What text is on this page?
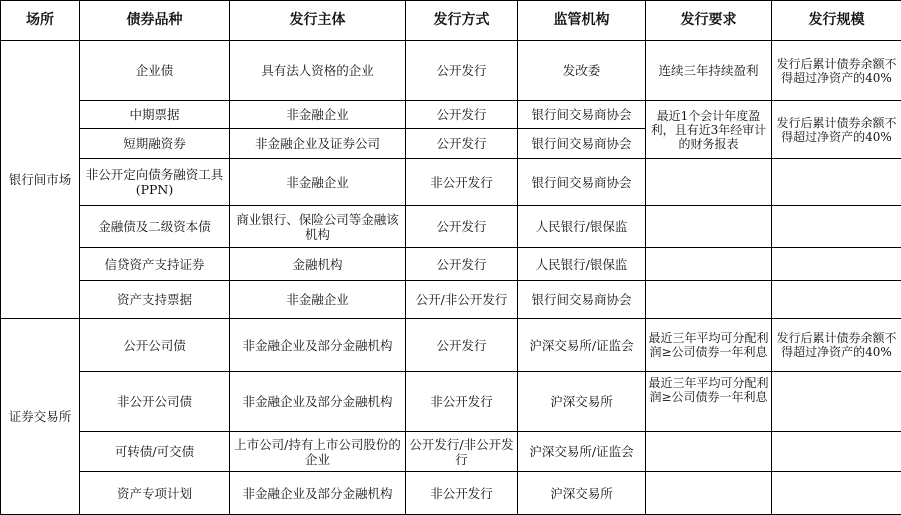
场所	债券品种	发行主体	发行方式	监管机构	发行要求	发行规模
银行间市场	企业债	具有法人资格的企业	公开发行	发改委	连续三年持续盈利	发行后累计债券余额不得超过净资产的40%
	中期票据	非金融企业	公开发行	银行间交易商协会	最近1个会计年度盈利，且有近3年经审计的财务报表	发行后累计债券余额不得超过净资产的40%
	短期融资券	非金融企业及证券公司	公开发行	银行间交易商协会		
	非公开定向债务融资工具(PPN)	非金融企业	非公开发行	银行间交易商协会		
	金融债及二级资本债	商业银行、保险公司等金融该机构	公开发行	人民银行/银保监		
	信贷资产支持证券	金融机构	公开发行	人民银行/银保监		
	资产支持票据	非金融企业	公开/非公开发行	银行间交易商协会		
证券交易所	公开公司债	非金融企业及部分金融机构	公开发行	沪深交易所/证监会	最近三年平均可分配利润≥公司债券一年利息	发行后累计债券余额不得超过净资产的40%
	非公开公司债	非金融企业及部分金融机构	非公开发行	沪深交易所	最近三年平均可分配利润≥公司债券一年利息	
	可转债/可交债	上市公司/持有上市公司股份的企业	公开发行/非公开发行	沪深交易所/证监会		
	资产专项计划	非金融企业及部分金融机构	非公开发行	沪深交易所		
